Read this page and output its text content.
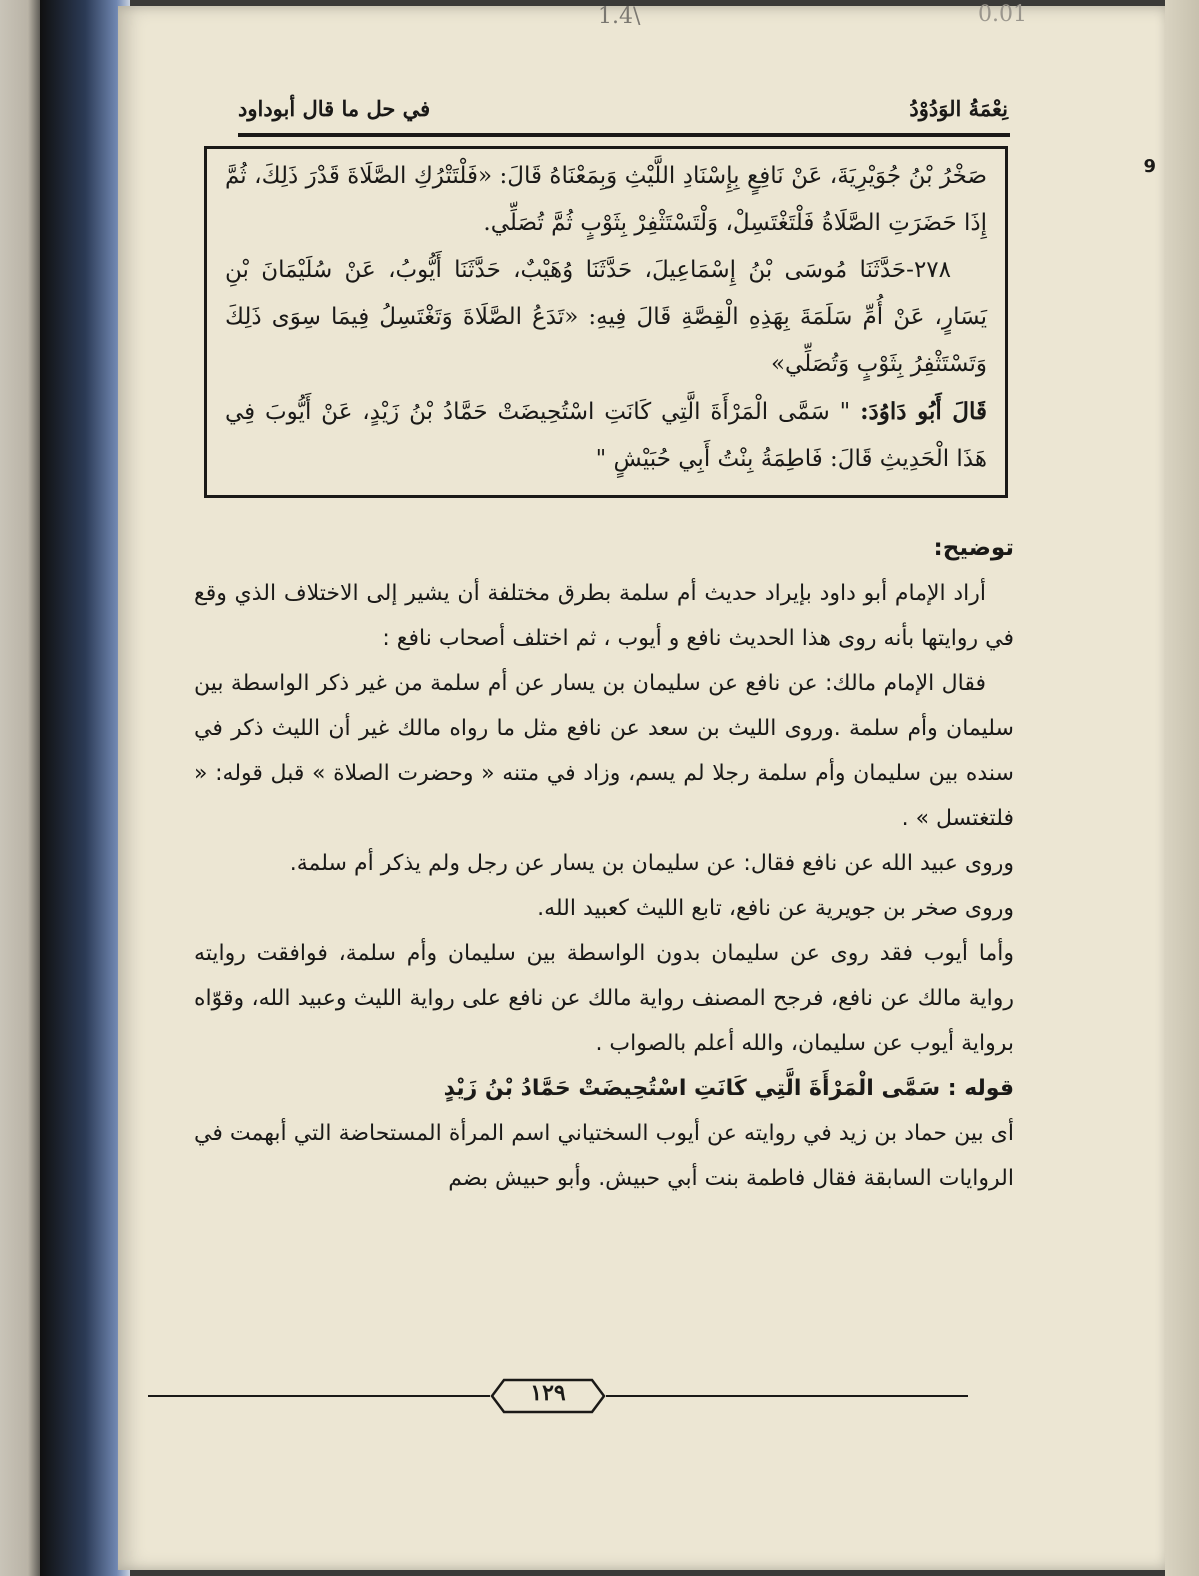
1.4\	0.01
نِعْمَةُ الوَدُوْدُ
في حل ما قال أبوداود
9

صَخْرُ بْنُ جُوَيْرِيَةَ، عَنْ نَافِعٍ بِإِسْنَادِ اللَّيْثِ وَبِمَعْنَاهُ قَالَ: «فَلْتَتْرُكِ الصَّلَاةَ قَدْرَ ذَلِكَ، ثُمَّ إِذَا حَضَرَتِ الصَّلَاةُ فَلْتَغْتَسِلْ، وَلْتَسْتَثْفِرْ بِثَوْبٍ ثُمَّ تُصَلِّي.

٢٧٨-حَدَّثَنَا مُوسَى بْنُ إِسْمَاعِيلَ، حَدَّثَنَا وُهَيْبٌ، حَدَّثَنَا أَيُّوبُ، عَنْ سُلَيْمَانَ بْنِ يَسَارٍ، عَنْ أُمِّ سَلَمَةَ بِهَذِهِ الْقِصَّةِ قَالَ فِيهِ: «تَدَعُ الصَّلَاةَ وَتَغْتَسِلُ فِيمَا سِوَى ذَلِكَ وَتَسْتَثْفِرُ بِثَوْبٍ وَتُصَلِّي»

قَالَ أَبُو دَاوُدَ: " سَمَّى الْمَرْأَةَ الَّتِي كَانَتِ اسْتُحِيضَتْ حَمَّادُ بْنُ زَيْدٍ، عَنْ أَيُّوبَ فِي هَذَا الْحَدِيثِ قَالَ: فَاطِمَةُ بِنْتُ أَبِي حُبَيْشٍ "

توضيح:

أراد الإمام أبو داود بإيراد حديث أم سلمة بطرق مختلفة أن يشير إلى الاختلاف الذي وقع في روايتها بأنه روى هذا الحديث نافع و أيوب ، ثم اختلف أصحاب نافع :

فقال الإمام مالك: عن نافع عن سليمان بن يسار عن أم سلمة من غير ذكر الواسطة بين سليمان وأم سلمة .وروى الليث بن سعد عن نافع مثل ما رواه مالك غير أن الليث ذكر في سنده بين سليمان وأم سلمة رجلا لم يسم، وزاد في متنه « وحضرت الصلاة » قبل قوله: « فلتغتسل » .

وروى عبيد الله عن نافع فقال: عن سليمان بن يسار عن رجل ولم يذكر أم سلمة.

وروى صخر بن جويرية عن نافع، تابع الليث كعبيد الله.

وأما أيوب فقد روى عن سليمان بدون الواسطة بين سليمان وأم سلمة، فوافقت روايته رواية مالك عن نافع، فرجح المصنف رواية مالك عن نافع على رواية الليث وعبيد الله، وقوّاه برواية أيوب عن سليمان، والله أعلم بالصواب .

قوله : سَمَّى الْمَرْأَةَ الَّتِي كَانَتِ اسْتُحِيضَتْ حَمَّادُ بْنُ زَيْدٍ

أى بين حماد بن زيد في روايته عن أيوب السختياني اسم المرأة المستحاضة التي أبهمت في الروايات السابقة فقال فاطمة بنت أبي حبيش. وأبو حبيش بضم

١٢٩
